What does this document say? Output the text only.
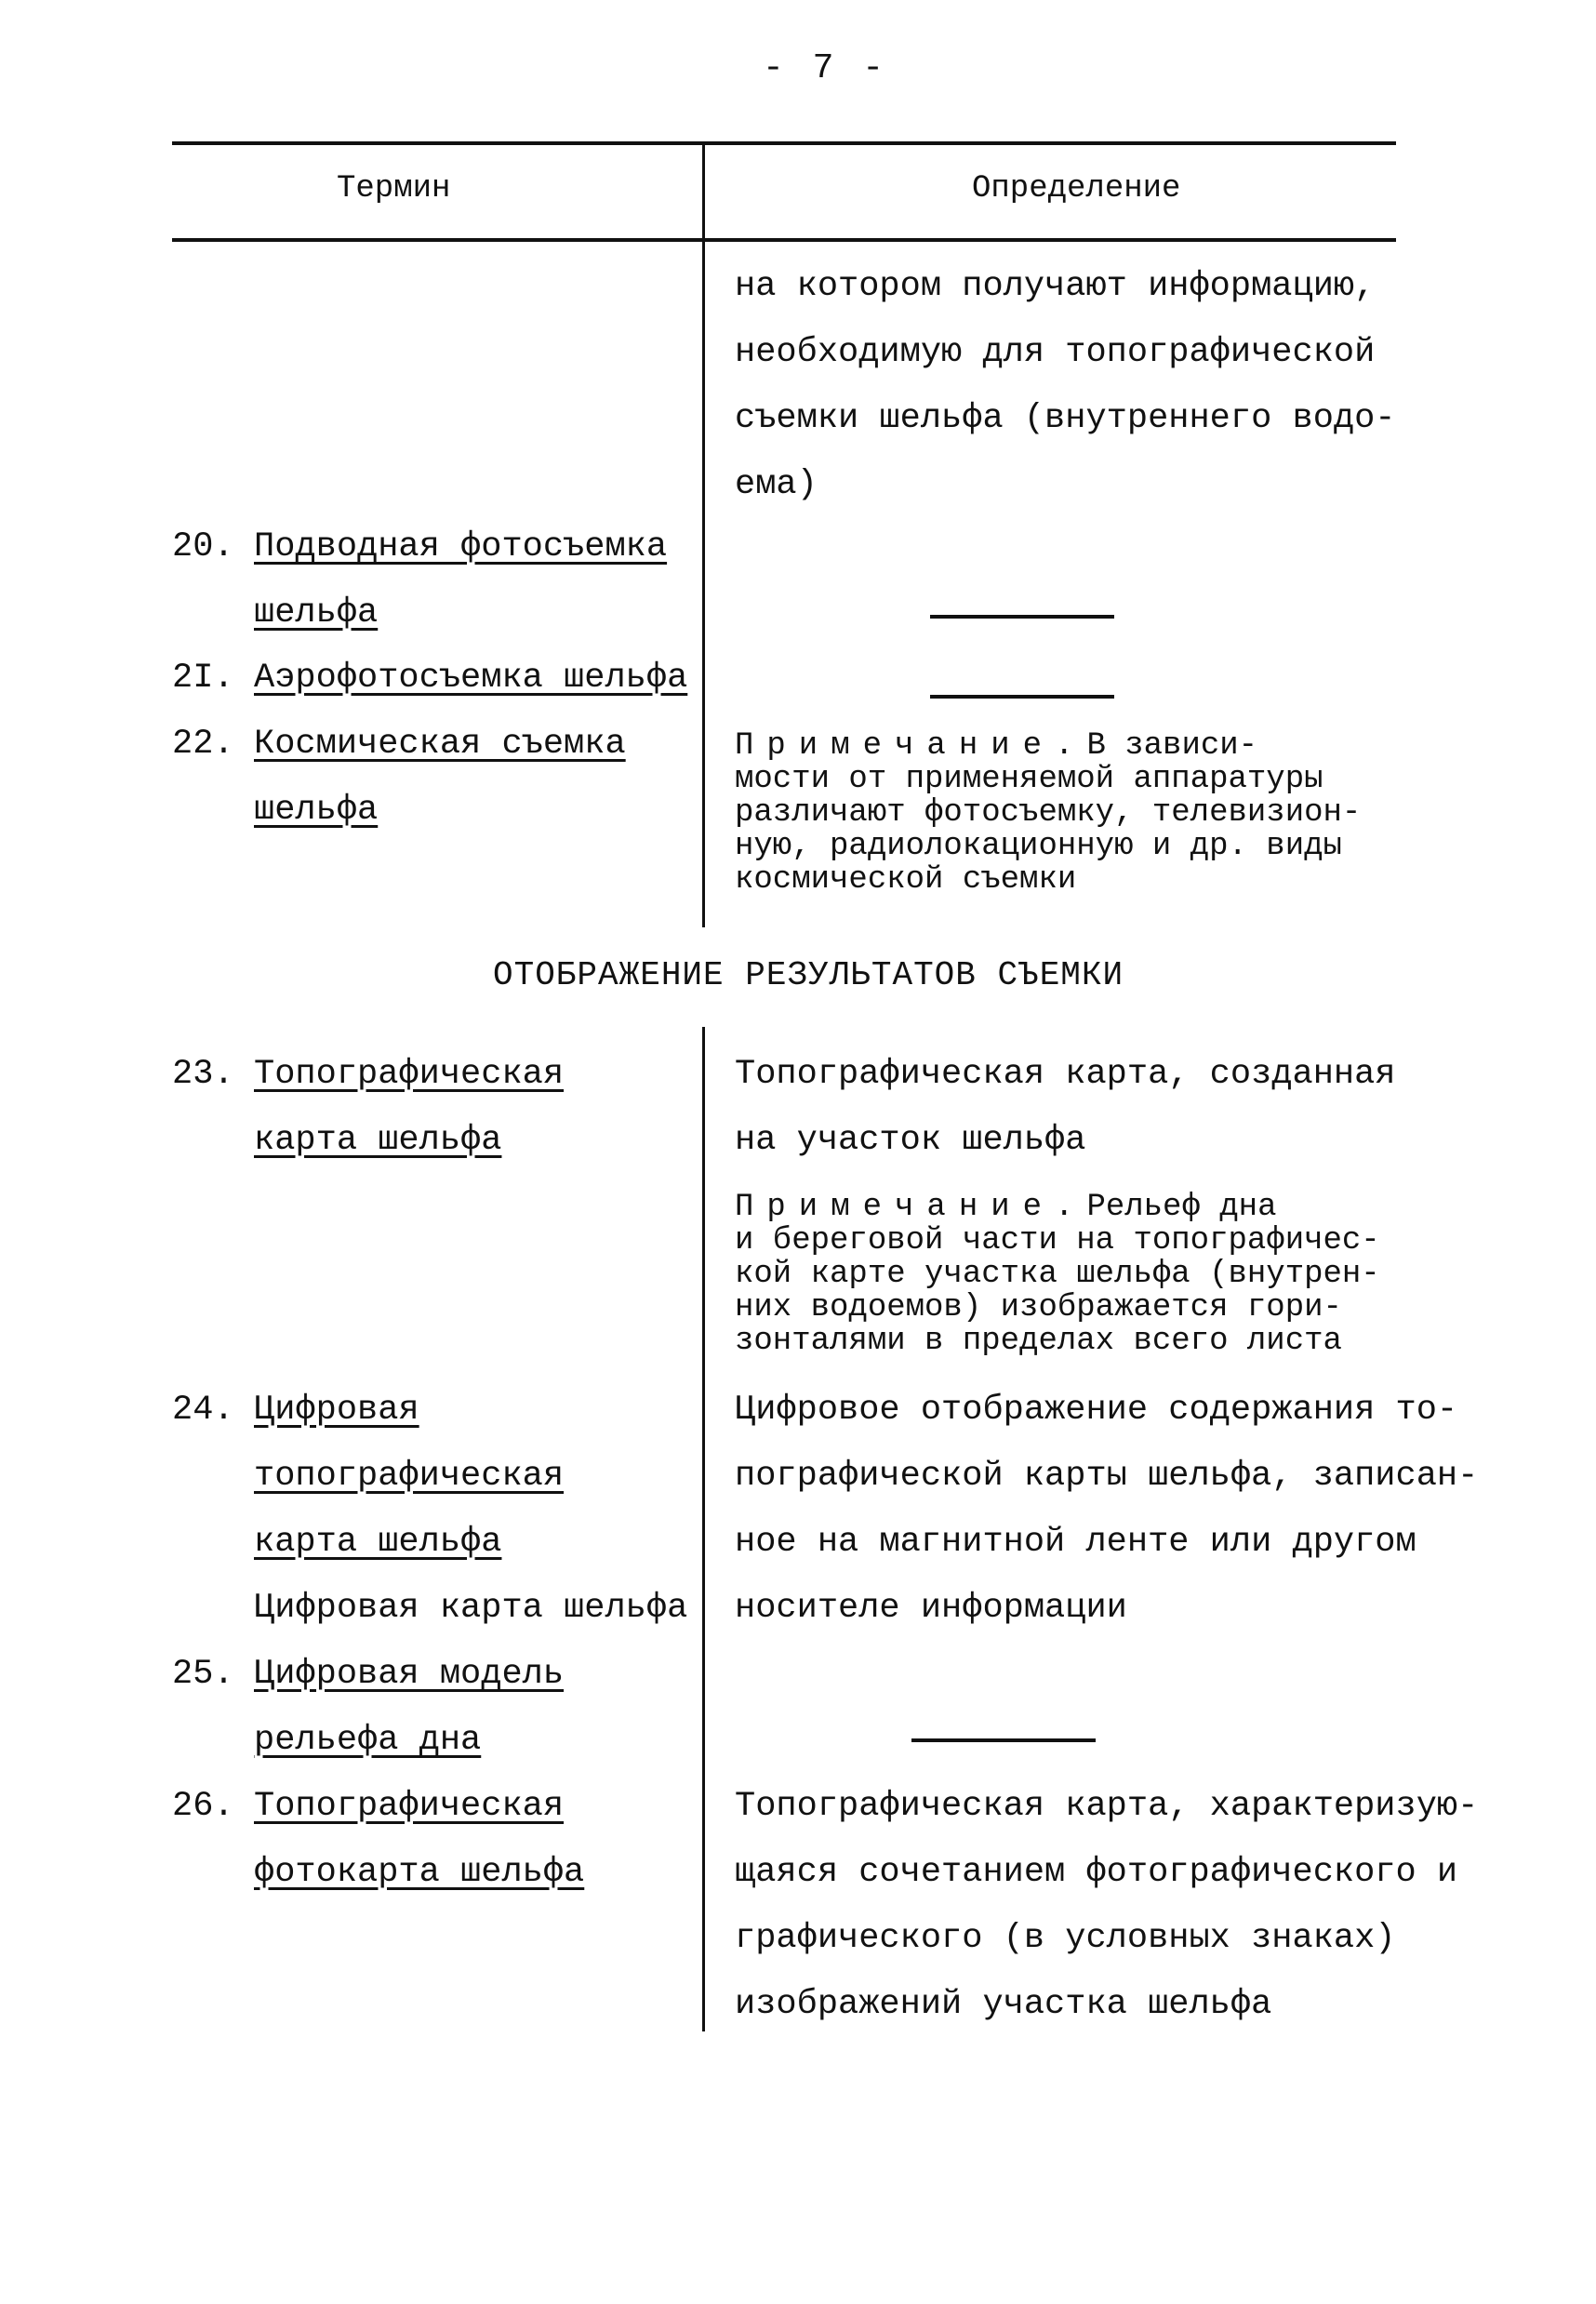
- 7 -
Термин	Определение
на котором получают информацию,
необходимую для топографической
съемки шельфа (внутреннего водо-
ема)
20. Подводная фотосъемка
шельфа
2I. Аэрофотосъемка шельфа
22. Космическая съемка
шельфа
Примечание.В зависи-
мости от применяемой аппаратуры
различают фотосъемку, телевизион-
ную, радиолокационную и др. виды
космической съемки
ОТОБРАЖЕНИЕ РЕЗУЛЬТАТОВ СЪЕМКИ
23. Топографическая
карта шельфа
Топографическая карта, созданная
на участок шельфа
Примечание.Рельеф дна
и береговой части на топографичес-
кой карте участка шельфа (внутрен-
них водоемов) изображается гори-
зонталями в пределах всего листа
24. Цифровая
топографическая
карта шельфа
Цифровая карта шельфа
Цифровое отображение содержания то-
пографической карты шельфа, записан-
ное на магнитной ленте или другом
носителе информации
25. Цифровая модель
рельефа дна
26. Топографическая
фотокарта шельфа
Топографическая карта, характеризую-
щаяся сочетанием фотографического и
графического (в условных знаках)
изображений участка шельфа
